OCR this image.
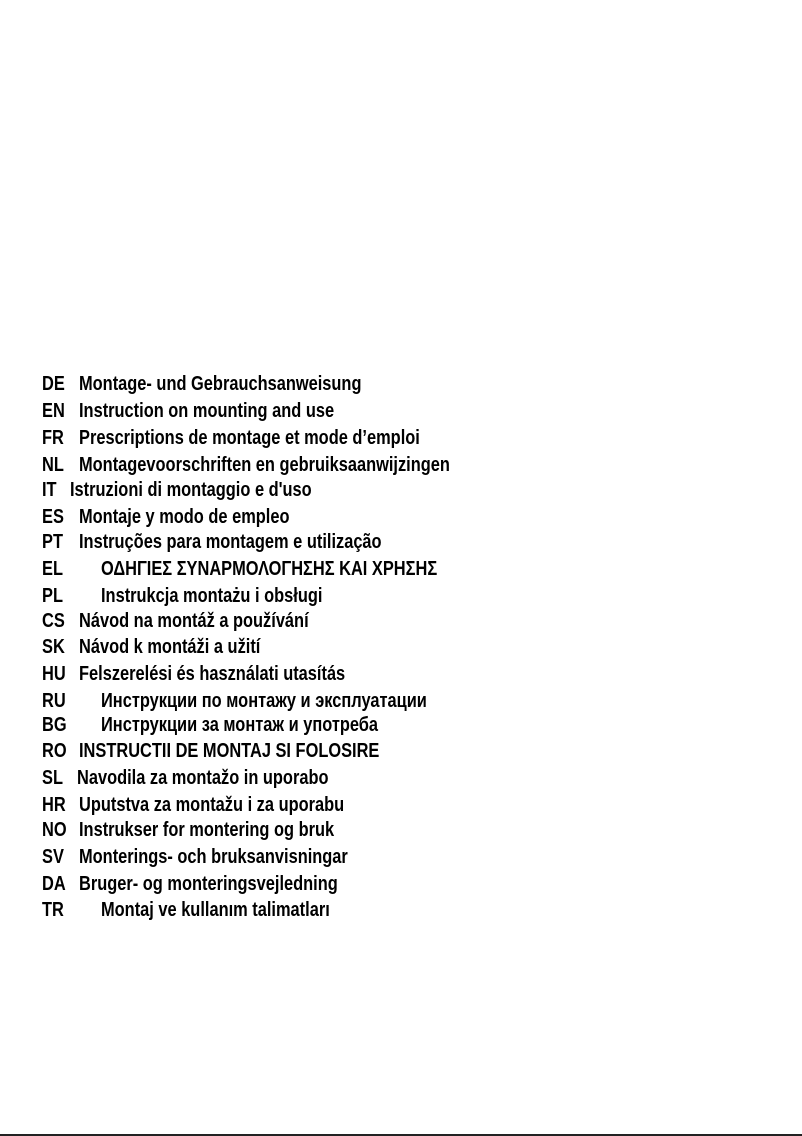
DE Montage- und Gebrauchsanweisung
EN Instruction on mounting and use
FR Prescriptions de montage et mode d’emploi
NL Montagevoorschriften en gebruiksaanwijzingen
IT Istruzioni di montaggio e d'uso
ES Montaje y modo de empleo
PT Instruções para montagem e utilização
EL ΟΔΗΓΙΕΣ ΣΥΝΑΡΜΟΛΟΓΗΣΗΣ ΚΑΙ ΧΡΗΣΗΣ
PL Instrukcja montażu i obsługi
CS Návod na montáž a používání
SK Návod k montáži a užití
HU Felszerelési és használati utasítás
RU Инструкции по монтажу и эксплуатации
BG Инструкции за монтаж и употреба
RO INSTRUCTII DE MONTAJ SI FOLOSIRE
SL Navodila za montažo in uporabo
HR Uputstva za montažu i za uporabu
NO Instrukser for montering og bruk
SV Monterings- och bruksanvisningar
DA Bruger- og monteringsvejledning
TR Montaj ve kullanım talimatları
